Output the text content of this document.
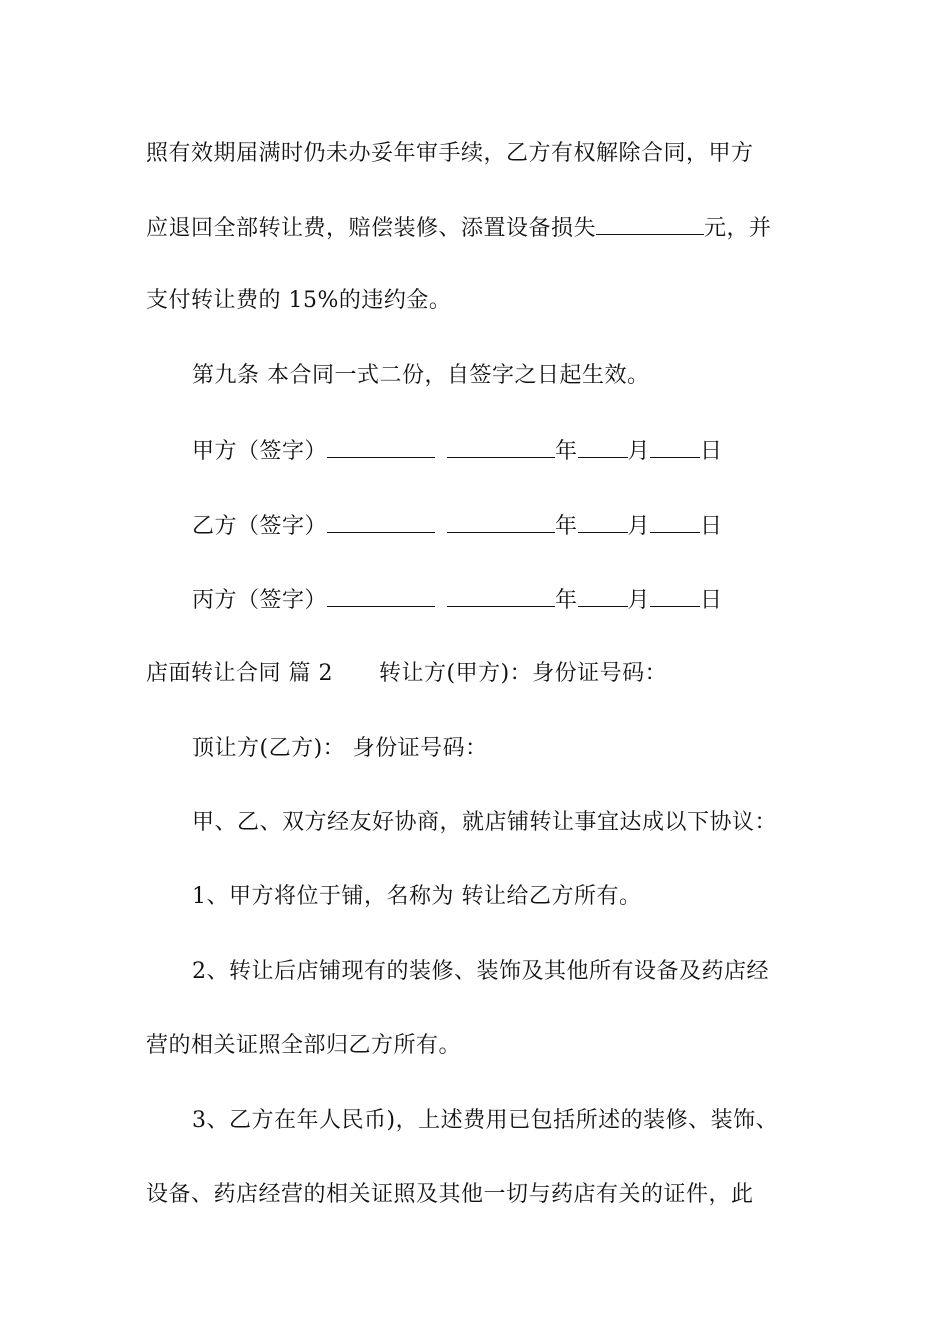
照有效期届满时仍未办妥年审手续，乙方有权解除合同，甲方
应退回全部转让费，赔偿装修、添置设备损失	元，并
支付转让费的 15%的违约金。
第九条 本合同一式二份，自签字之日起生效。
甲方（签字）	年 月 日
乙方（签字）	年 月 日
丙方（签字）	年 月 日
店面转让合同 篇 2 转让方(甲方)：身份证号码：
顶让方(乙方)： 身份证号码：
甲、乙、双方经友好协商，就店铺转让事宜达成以下协议：
1、甲方将位于铺，名称为 转让给乙方所有。
2、转让后店铺现有的装修、装饰及其他所有设备及药店经
营的相关证照全部归乙方所有。
3、乙方在年人民币)，上述费用已包括所述的装修、装饰、
设备、药店经营的相关证照及其他一切与药店有关的证件，此
